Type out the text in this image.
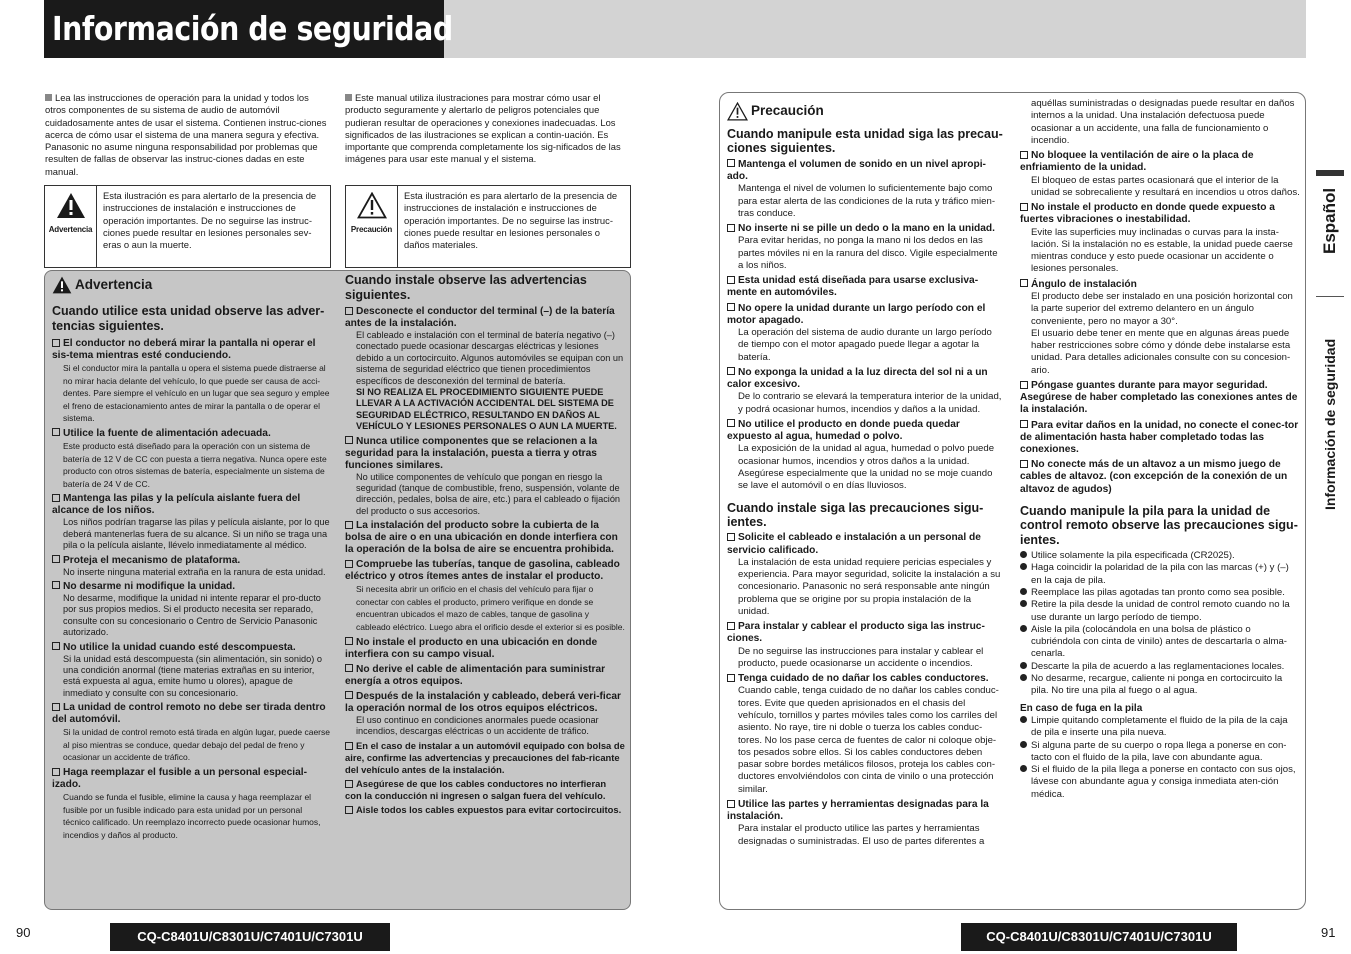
Información de seguridad

Lea las instrucciones de operación para la unidad y todos los otros componentes de su sistema de audio de automóvil cuidadosamente antes de usar el sistema. Contienen instruc-ciones acerca de cómo usar el sistema de una manera segura y efectiva. Panasonic no asume ninguna responsabilidad por problemas que resulten de fallas de observar las instruc-ciones dadas en este manual.

Este manual utiliza ilustraciones para mostrar cómo usar el producto seguramente y alertarlo de peligros potenciales que pudieran resultar de operaciones y conexiones inadecuadas. Los significados de las ilustraciones se explican a contin-uación. Es importante que comprenda completamente los sig-nificados de las imágenes para usar este manual y el sistema.

Advertencia
Esta ilustración es para alertarlo de la presencia de instrucciones de instalación e instrucciones de operación importantes. De no seguirse las instruc-ciones puede resultar en lesiones personales sev-eras o aun la muerte.
Precaución
Esta ilustración es para alertarlo de la presencia de instrucciones de instalación e instrucciones de operación importantes. De no seguirse las instruc-ciones puede resultar en lesiones personales o daños materiales.
Advertencia
Cuando utilice esta unidad observe las adver-tencias siguientes.
El conductor no deberá mirar la pantalla ni operar el sis-tema mientras esté conduciendo.
Si el conductor mira la pantalla u opera el sistema puede distraerse al no mirar hacia delante del vehículo, lo que puede ser causa de acci-dentes. Pare siempre el vehículo en un lugar que sea seguro y emplee el freno de estacionamiento antes de mirar la pantalla o de operar el sistema.
Utilice la fuente de alimentación adecuada.
Este producto está diseñado para la operación con un sistema de batería de 12 V de CC con puesta a tierra negativa. Nunca opere este producto con otros sistemas de batería, especialmente un sistema de batería de 24 V de CC.
Mantenga las pilas y la película aislante fuera del alcance de los niños.
Los niños podrían tragarse las pilas y película aislante, por lo que deberá mantenerlas fuera de su alcance. Si un niño se traga una pila o la película aislante, llévelo inmediatamente al médico.
Proteja el mecanismo de plataforma.
No inserte ninguna material extraña en la ranura de esta unidad.
No desarme ni modifique la unidad.
No desarme, modifique la unidad ni intente reparar el pro-ducto por sus propios medios. Si el producto necesita ser reparado, consulte con su concesionario o Centro de Servicio Panasonic autorizado.
No utilice la unidad cuando esté descompuesta.
Si la unidad está descompuesta (sin alimentación, sin sonido) o una condición anormal (tiene materias extrañas en su interior, está expuesta al agua, emite humo u olores), apague de inmediato y consulte con su concesionario.
La unidad de control remoto no debe ser tirada dentro del automóvil.
Si la unidad de control remoto está tirada en algún lugar, puede caerse al piso mientras se conduce, quedar debajo del pedal de freno y ocasionar un accidente de tráfico.
Haga reemplazar el fusible a un personal especial-izado.
Cuando se funda el fusible, elimine la causa y haga reemplazar el fusible por un fusible indicado para esta unidad por un personal técnico calificado. Un reemplazo incorrecto puede ocasionar humos, incendios y daños al producto.
Cuando instale observe las advertencias siguientes.
Desconecte el conductor del terminal (–) de la batería antes de la instalación.
El cableado e instalación con el terminal de batería negativo (–) conectado puede ocasionar descargas eléctricas y lesiones debido a un cortocircuito. Algunos automóviles se equipan con un sistema de seguridad eléctrico que tienen procedimientos específicos de desconexión del terminal de batería.
SI NO REALIZA EL PROCEDIMIENTO SIGUIENTE PUEDE LLEVAR A LA ACTIVACIÓN ACCIDENTAL DEL SISTEMA DE SEGURIDAD ELÉCTRICO, RESULTANDO EN DAÑOS AL VEHÍCULO Y LESIONES PERSONALES O AUN LA MUERTE.
Nunca utilice componentes que se relacionen a la seguridad para la instalación, puesta a tierra y otras funciones similares.
No utilice componentes de vehículo que pongan en riesgo la seguridad (tanque de combustible, freno, suspensión, volante de dirección, pedales, bolsa de aire, etc.) para el cableado o fijación del producto o sus accesorios.
La instalación del producto sobre la cubierta de la bolsa de aire o en una ubicación en donde interfiera con la operación de la bolsa de aire se encuentra prohibida.
Compruebe las tuberías, tanque de gasolina, cableado eléctrico y otros ítemes antes de instalar el producto.
Si necesita abrir un orificio en el chasis del vehículo para fijar o conectar con cables el producto, primero verifique en donde se encuentran ubicados el mazo de cables, tanque de gasolina y cableado eléctrico. Luego abra el orificio desde el exterior si es posible.
No instale el producto en una ubicación en donde interfiera con su campo visual.
No derive el cable de alimentación para suministrar energía a otros equipos.
Después de la instalación y cableado, deberá veri-ficar la operación normal de los otros equipos eléctricos.
El uso continuo en condiciones anormales puede ocasionar incendios, descargas eléctricas o un accidente de tráfico.
En el caso de instalar a un automóvil equipado con bolsa de aire, confirme las advertencias y precauciones del fab-ricante del vehículo antes de la instalación.
Asegúrese de que los cables conductores no interfieran con la conducción ni ingresen o salgan fuera del vehículo.
Aisle todos los cables expuestos para evitar cortocircuitos.
Precaución
Cuando manipule esta unidad siga las precau-ciones siguientes.
Mantenga el volumen de sonido en un nivel apropi-ado.
Mantenga el nivel de volumen lo suficientemente bajo como para estar alerta de las condiciones de la ruta y tráfico mien-tras conduce.
No inserte ni se pille un dedo o la mano en la unidad.
Para evitar heridas, no ponga la mano ni los dedos en las partes móviles ni en la ranura del disco. Vigile especialmente a los niños.
Esta unidad está diseñada para usarse exclusiva-mente en automóviles.
No opere la unidad durante un largo período con el motor apagado.
La operación del sistema de audio durante un largo período de tiempo con el motor apagado puede llegar a agotar la batería.
No exponga la unidad a la luz directa del sol ni a un calor excesivo.
De lo contrario se elevará la temperatura interior de la unidad, y podrá ocasionar humos, incendios y daños a la unidad.
No utilice el producto en donde pueda quedar expuesto al agua, humedad o polvo.
La exposición de la unidad al agua, humedad o polvo puede ocasionar humos, incendios y otros daños a la unidad. Asegúrese especialmente que la unidad no se moje cuando se lave el automóvil o en días lluviosos.
Cuando instale siga las precauciones sigu-ientes.
Solicite el cableado e instalación a un personal de servicio calificado.
La instalación de esta unidad requiere pericias especiales y experiencia. Para mayor seguridad, solicite la instalación a su concesionario. Panasonic no será responsable ante ningún problema que se origine por su propia instalación de la unidad.
Para instalar y cablear el producto siga las instruc-ciones.
De no seguirse las instrucciones para instalar y cablear el producto, puede ocasionarse un accidente o incendios.
Tenga cuidado de no dañar los cables conductores.
Cuando cable, tenga cuidado de no dañar los cables conduc-tores. Evite que queden aprisionados en el chasis del vehículo, tornillos y partes móviles tales como los carriles del asiento. No raye, tire ni doble o tuerza los cables conduc-tores. No los pase cerca de fuentes de calor ni coloque obje-tos pesados sobre ellos. Si los cables conductores deben pasar sobre bordes metálicos filosos, proteja los cables con-ductores envolviéndolos con cinta de vinilo o una protección similar.
Utilice las partes y herramientas designadas para la instalación.
Para instalar el producto utilice las partes y herramientas designadas o suministradas. El uso de partes diferentes a
aquéllas suministradas o designadas puede resultar en daños internos a la unidad. Una instalación defectuosa puede ocasionar a un accidente, una falla de funcionamiento o incendio.
No bloquee la ventilación de aire o la placa de enfriamiento de la unidad.
El bloqueo de estas partes ocasionará que el interior de la unidad se sobrecaliente y resultará en incendios u otros daños.
No instale el producto en donde quede expuesto a fuertes vibraciones o inestabilidad.
Evite las superficies muy inclinadas o curvas para la insta-lación. Si la instalación no es estable, la unidad puede caerse mientras conduce y esto puede ocasionar un accidente o lesiones personales.
Ángulo de instalación
El producto debe ser instalado en una posición horizontal con la parte superior del extremo delantero en un ángulo conveniente, pero no mayor a 30°.
El usuario debe tener en mente que en algunas áreas puede haber restricciones sobre cómo y dónde debe instalarse esta unidad. Para detalles adicionales consulte con su concesion-ario.
Póngase guantes durante para mayor seguridad. Asegúrese de haber completado las conexiones antes de la instalación.
Para evitar daños en la unidad, no conecte el conec-tor de alimentación hasta haber completado todas las conexiones.
No conecte más de un altavoz a un mismo juego de cables de altavoz. (con excepción de la conexión de un altavoz de agudos)
Cuando manipule la pila para la unidad de control remoto observe las precauciones sigu-ientes.
Utilice solamente la pila especificada (CR2025).
Haga coincidir la polaridad de la pila con las marcas (+) y (–) en la caja de pila.
Reemplace las pilas agotadas tan pronto como sea posible.
Retire la pila desde la unidad de control remoto cuando no la use durante un largo período de tiempo.
Aisle la pila (colocándola en una bolsa de plástico o cubriéndola con cinta de vinilo) antes de descartarla o alma-cenarla.
Descarte la pila de acuerdo a las reglamentaciones locales.
No desarme, recargue, caliente ni ponga en cortocircuito la pila. No tire una pila al fuego o al agua.
En caso de fuga en la pila
Limpie quitando completamente el fluido de la pila de la caja de pila e inserte una pila nueva.
Si alguna parte de su cuerpo o ropa llega a ponerse en con-tacto con el fluido de la pila, lave con abundante agua.
Si el fluido de la pila llega a ponerse en contacto con sus ojos, lávese con abundante agua y consiga inmediata aten-ción médica.
Español
Información de seguridad
90	CQ-C8401U/C8301U/C7401U/C7301U	CQ-C8401U/C8301U/C7401U/C7301U	91
